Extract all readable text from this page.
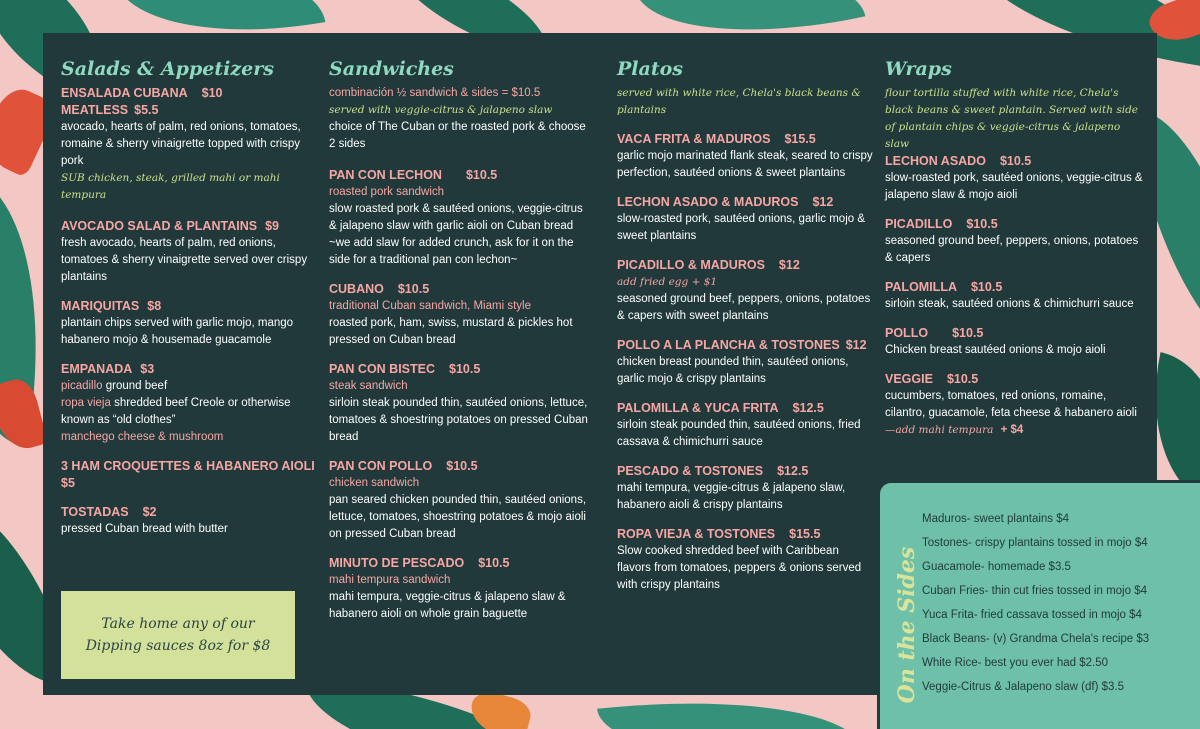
Salads & Appetizers
ENSALADA CUBANA $10
MEATLESS $5.5
avocado, hearts of palm, red onions, tomatoes, romaine & sherry vinaigrette topped with crispy pork
SUB chicken, steak, grilled mahi or mahi tempura
AVOCADO SALAD & PLANTAINS $9
fresh avocado, hearts of palm, red onions, tomatoes & sherry vinaigrette served over crispy plantains
MARIQUITAS $8
plantain chips served with garlic mojo, mango habanero mojo & housemade guacamole
EMPANADA $3
picadillo ground beef
ropa vieja shredded beef Creole or otherwise known as “old clothes”
manchego cheese & mushroom
3 HAM CROQUETTES & HABANERO AIOLI
$5
TOSTADAS $2
pressed Cuban bread with butter
Sandwiches
combinación ½ sandwich & sides = $10.5
served with veggie-citrus & jalapeno slaw
choice of The Cuban or the roasted pork & choose 2 sides
PAN CON LECHON $10.5
roasted pork sandwich
slow roasted pork & sautéed onions, veggie-citrus & jalapeno slaw with garlic aioli on Cuban bread ~we add slaw for added crunch, ask for it on the side for a traditional pan con lechon~
CUBANO $10.5
traditional Cuban sandwich, Miami style
roasted pork, ham, swiss, mustard & pickles hot pressed on Cuban bread
PAN CON BISTEC $10.5
steak sandwich
sirloin steak pounded thin, sautéed onions, lettuce, tomatoes & shoestring potatoes on pressed Cuban bread
PAN CON POLLO $10.5
chicken sandwich
pan seared chicken pounded thin, sautéed onions, lettuce, tomatoes, shoestring potatoes & mojo aioli on pressed Cuban bread
MINUTO DE PESCADO $10.5
mahi tempura sandwich
mahi tempura, veggie-citrus & jalapeno slaw & habanero aioli on whole grain baguette
Platos
served with white rice, Chela's black beans & plantains
VACA FRITA & MADUROS $15.5
garlic mojo marinated flank steak, seared to crispy perfection, sautéed onions & sweet plantains
LECHON ASADO & MADUROS $12
slow-roasted pork, sautéed onions, garlic mojo & sweet plantains
PICADILLO & MADUROS $12
add fried egg + $1
seasoned ground beef, peppers, onions, potatoes & capers with sweet plantains
POLLO A LA PLANCHA & TOSTONES $12
chicken breast pounded thin, sautéed onions, garlic mojo & crispy plantains
PALOMILLA & YUCA FRITA $12.5
sirloin steak pounded thin, sautéed onions, fried cassava & chimichurri sauce
PESCADO & TOSTONES $12.5
mahi tempura, veggie-citrus & jalapeno slaw, habanero aioli & crispy plantains
ROPA VIEJA & TOSTONES $15.5
Slow cooked shredded beef with Caribbean flavors from tomatoes, peppers & onions served with crispy plantains
Wraps
flour tortilla stuffed with white rice, Chela's black beans & sweet plantain. Served with side of plantain chips & veggie-citrus & jalapeno slaw
LECHON ASADO $10.5
slow-roasted pork, sautéed onions, veggie-citrus & jalapeno slaw & mojo aioli
PICADILLO $10.5
seasoned ground beef, peppers, onions, potatoes & capers
PALOMILLA $10.5
sirloin steak, sautéed onions & chimichurri sauce
POLLO $10.5
Chicken breast sautéed onions & mojo aioli
VEGGIE $10.5
cucumbers, tomatoes, red onions, romaine, cilantro, guacamole, feta cheese & habanero aioli —add mahi tempura + $4
Take home any of our Dipping sauces 8oz for $8	On the Sides
Maduros- sweet plantains $4
Tostones- crispy plantains tossed in mojo $4
Guacamole- homemade $3.5
Cuban Fries- thin cut fries tossed in mojo $4
Yuca Frita- fried cassava tossed in mojo $4
Black Beans- (v) Grandma Chela's recipe $3
White Rice- best you ever had $2.50
Veggie-Citrus & Jalapeno slaw (df) $3.5
